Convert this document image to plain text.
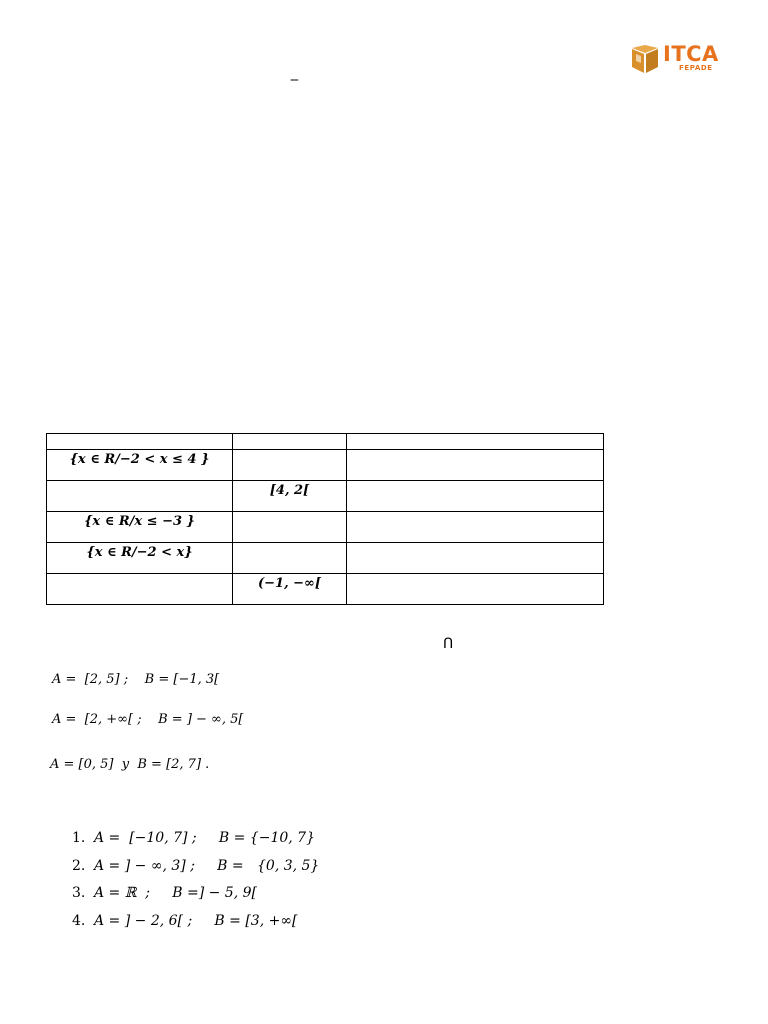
ITCA
FEPADE
‒

{x ∈ R/−2 < x ≤ 4 }		

	[4, 2[	

{x ∈ R/x ≤ −3 }		

{x ∈ R/−2 < x}		

	(−1, −∞[	

Ո
A =  [2, 5] ;    B = [−1, 3[
A =  [2, +∞[ ;    B = ] − ∞, 5[
A = [0, 5]  y  B = [2, 7] .
1. A =  [−10, 7] ;     B = {−10, 7}
2. A = ] − ∞, 3] ;     B =   {0, 3, 5}
3. A = ℝ  ;     B =] − 5, 9[
4. A = ] − 2, 6[ ;     B = [3, +∞[
